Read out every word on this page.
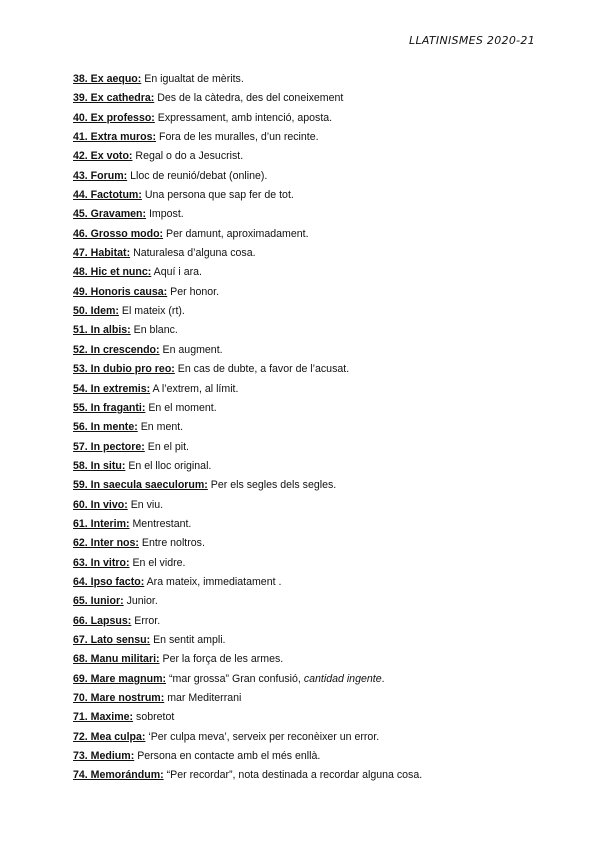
LLATINISMES 2020-21
38. Ex aequo: En igualtat de mèrits.
39. Ex cathedra: Des de la càtedra, des del coneixement
40. Ex professo: Expressament, amb intenció, aposta.
41. Extra muros: Fora de les muralles, d’un recinte.
42. Ex voto: Regal o do a Jesucrist.
43. Forum: Lloc de reunió/debat (online).
44. Factotum: Una persona que sap fer de tot.
45. Gravamen: Impost.
46. Grosso modo: Per damunt, aproximadament.
47. Habitat: Naturalesa d’alguna cosa.
48. Hic et nunc: Aquí i ara.
49. Honoris causa: Per honor.
50. Idem: El mateix (rt).
51. In albis: En blanc.
52. In crescendo: En augment.
53. In dubio pro reo: En cas de dubte, a favor de l’acusat.
54. In extremis: A l’extrem, al límit.
55. In fraganti: En el moment.
56. In mente: En ment.
57. In pectore: En el pit.
58. In situ: En el lloc original.
59. In saecula saeculorum: Per els segles dels segles.
60. In vivo: En viu.
61. Interim: Mentrestant.
62. Inter nos: Entre noltros.
63. In vitro: En el vidre.
64. Ipso facto: Ara mateix, immediatament .
65. Iunior: Junior.
66. Lapsus: Error.
67. Lato sensu: En sentit ampli.
68. Manu militari: Per la força de les armes.
69. Mare magnum: “mar grossa” Gran confusió, cantidad ingente.
70. Mare nostrum: mar Mediterrani
71. Maxime: sobretot
72. Mea culpa: ‘Per culpa meva’, serveix per reconèixer un error.
73. Medium: Persona en contacte amb el més enllà.
74. Memorándum: “Per recordar”, nota destinada a recordar alguna cosa.
